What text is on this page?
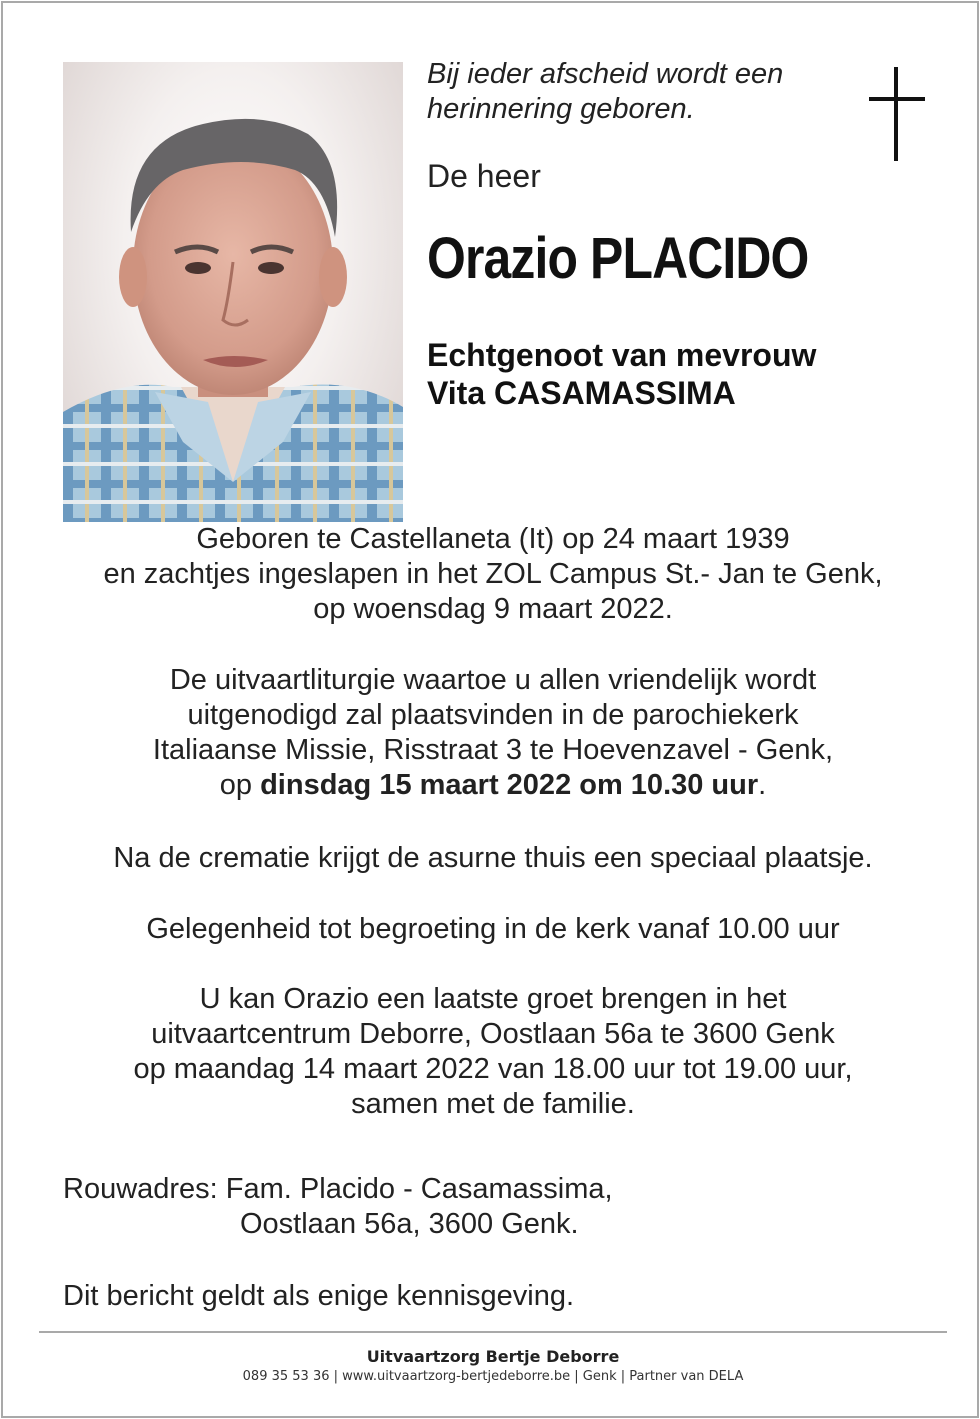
Bij ieder afscheid wordt een
herinnering geboren.
De heer
Orazio PLACIDO
Echtgenoot van mevrouw
Vita CASAMASSIMA
Geboren te Castellaneta (It) op 24 maart 1939
en zachtjes ingeslapen in het ZOL Campus St.- Jan te Genk,
op woensdag 9 maart 2022.
De uitvaartliturgie waartoe u allen vriendelijk wordt
uitgenodigd zal plaatsvinden in de parochiekerk
Italiaanse Missie, Risstraat 3 te Hoevenzavel - Genk,
op dinsdag 15 maart 2022 om 10.30 uur.
Na de crematie krijgt de asurne thuis een speciaal plaatsje.
Gelegenheid tot begroeting in de kerk vanaf 10.00 uur
U kan Orazio een laatste groet brengen in het
uitvaartcentrum Deborre, Oostlaan 56a te 3600 Genk
op maandag 14 maart 2022 van 18.00 uur tot 19.00 uur,
samen met de familie.
Rouwadres: Fam. Placido - Casamassima,
Oostlaan 56a, 3600 Genk.
Dit bericht geldt als enige kennisgeving.
Uitvaartzorg Bertje Deborre
089 35 53 36 | www.uitvaartzorg-bertjedeborre.be | Genk | Partner van DELA
